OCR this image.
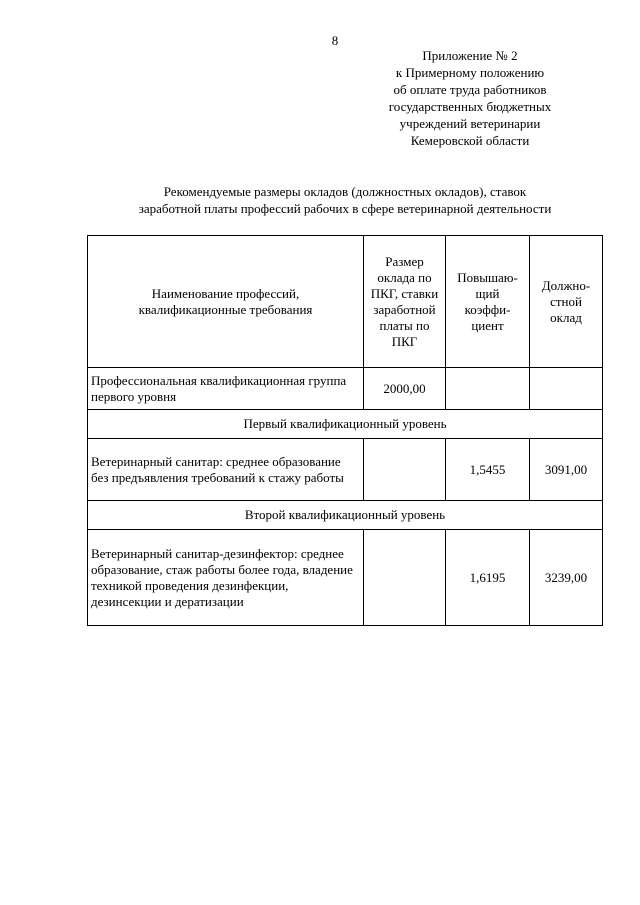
8
Приложение № 2
к Примерному положению
об оплате труда работников
государственных бюджетных
учреждений ветеринарии
Кемеровской области
Рекомендуемые размеры окладов (должностных окладов), ставок
заработной платы профессий рабочих в сфере ветеринарной деятельности
Наименование профессий, квалификационные требования	Размер оклада по ПКГ, ставки заработной платы по ПКГ	Повышаю-щий коэффи-циент	Должно-стной оклад
Профессиональная квалификационная группа первого уровня	2000,00		
Первый квалификационный уровень			
Ветеринарный санитар: среднее образование без предъявления требований к стажу работы		1,5455	3091,00
Второй квалификационный уровень			
Ветеринарный санитар-дезинфектор: среднее образование, стаж работы более года, владение техникой проведения дезинфекции, дезинсекции и дератизации		1,6195	3239,00
